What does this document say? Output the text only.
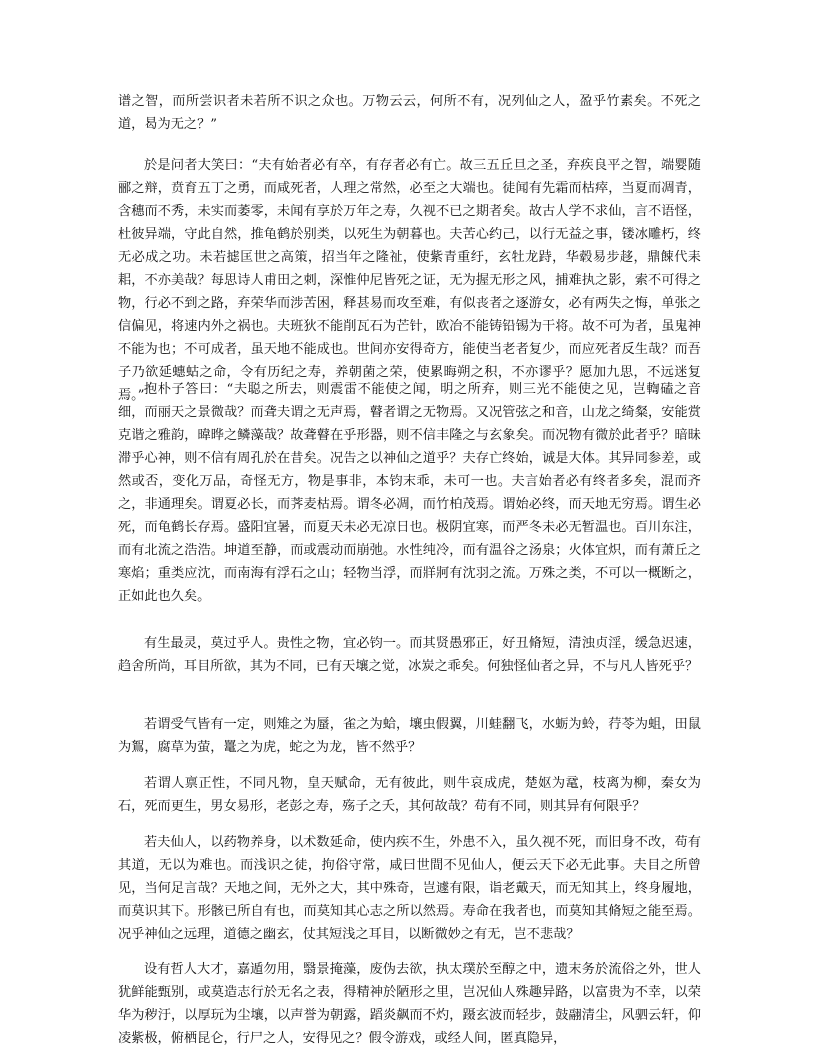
谱之智，而所尝识者未若所不识之众也。万物云云，何所不有，况列仙之人，盈乎竹素矣。不死之道，曷为无之？”

於是问者大笑曰：“夫有始者必有卒，有存者必有亡。故三五丘旦之圣，弃疾良平之智，端婴随郦之辩，贲育五丁之勇，而咸死者，人理之常然，必至之大端也。徒闻有先霜而枯瘁，当夏而凋青，含穗而不秀，未实而萎零，未闻有享於万年之寿，久视不已之期者矣。故古人学不求仙，言不语怪，杜彼异端，守此自然，推龟鹤於别类，以死生为朝暮也。夫苦心约己，以行无益之事，镂冰雕朽，终无必成之功。未若摅匡世之高策，招当年之隆祉，使紫青重纡，玄牡龙跱，华毂易步趍，鼎餗代耒耜，不亦美哉？每思诗人甫田之刺，深惟仲尼皆死之证，无为握无形之风，捕难执之影，索不可得之物，行必不到之路，弃荣华而涉苦困，释甚易而攻至难，有似丧者之逐游女，必有两失之悔，单张之信偏见，将速内外之祸也。夫班狄不能削瓦石为芒针，欧冶不能铸铅锡为干将。故不可为者，虽鬼神不能为也；不可成者，虽天地不能成也。世间亦安得奇方，能使当老者复少，而应死者反生哉？而吾子乃欲延蟪蛄之命，令有历纪之寿，养朝菌之荣，使累晦朔之积，不亦谬乎？愿加九思，不远迷复焉。” 抱朴子答曰：“夫聪之所去，则震雷不能使之闻，明之所弃，则三光不能使之见，岂輷磕之音细，而丽天之景微哉？而聋夫谓之无声焉，瞽者谓之无物焉。又况管弦之和音，山龙之绮粲，安能赏克谐之雅韵，暐晔之鳞藻哉？故聋瞽在乎形器，则不信丰隆之与玄象矣。而况物有微於此者乎？暗昧滞乎心神，则不信有周孔於在昔矣。况告之以神仙之道乎？夫存亡终始，诚是大体。其异同参差，或然或否，变化万品，奇怪无方，物是事非，本钧末乖，未可一也。夫言始者必有终者多矣，混而齐之，非通理矣。谓夏必长，而荠麦枯焉。谓冬必凋，而竹柏茂焉。谓始必终，而天地无穷焉。谓生必死，而龟鹤长存焉。盛阳宜暑，而夏天未必无凉日也。极阴宜寒，而严冬未必无暂温也。百川东注，而有北流之浩浩。坤道至静，而或震动而崩弛。水性纯冷，而有温谷之汤泉；火体宜炽，而有萧丘之寒焰；重类应沈，而南海有浮石之山；轻物当浮，而牂牁有沈羽之流。万殊之类，不可以一概断之，正如此也久矣。

有生最灵，莫过乎人。贵性之物，宜必钧一。而其贤愚邪正，好丑脩短，清浊贞淫，缓急迟速，趋舍所尚，耳目所欲，其为不同，已有天壤之觉，冰炭之乖矣。何独怪仙者之异，不与凡人皆死乎？

若谓受气皆有一定，则雉之为蜃，雀之为蛤，壤虫假翼，川蛙翻飞，水蛎为蛉，荇苓为蛆，田鼠为鴽，腐草为萤，鼍之为虎，蛇之为龙，皆不然乎？

若谓人禀正性，不同凡物，皇天赋命，无有彼此，则牛哀成虎，楚妪为鼋，枝离为柳，秦女为石，死而更生，男女易形，老彭之寿，殇子之夭，其何故哉？苟有不同，则其异有何限乎？

若夫仙人，以药物养身，以术数延命，使内疾不生，外患不入，虽久视不死，而旧身不改，苟有其道，无以为难也。而浅识之徒，拘俗守常，咸曰世間不见仙人，便云天下必无此事。夫目之所曾见，当何足言哉？天地之间，无外之大，其中殊奇，岂遽有限，诣老戴天，而无知其上，终身履地，而莫识其下。形骸已所自有也，而莫知其心志之所以然焉。寿命在我者也，而莫知其脩短之能至焉。况乎神仙之远理，道德之幽玄，仗其短浅之耳目，以断微妙之有无，岂不悲哉？

设有哲人大才，嘉遁勿用，翳景掩藻，废伪去欲，执太璞於至醇之中，遗末务於流俗之外，世人犹鲜能甄别，或莫造志行於无名之表，得精神於陋形之里，岂况仙人殊趣异路，以富贵为不幸，以荣华为秽汙，以厚玩为尘壤，以声誉为朝露，蹈炎飙而不灼，蹑玄波而轻步，鼓翮清尘，风驷云轩，仰凌紫极，俯栖昆仑，行尸之人，安得见之？假令游戏，或经人间，匿真隐异，
